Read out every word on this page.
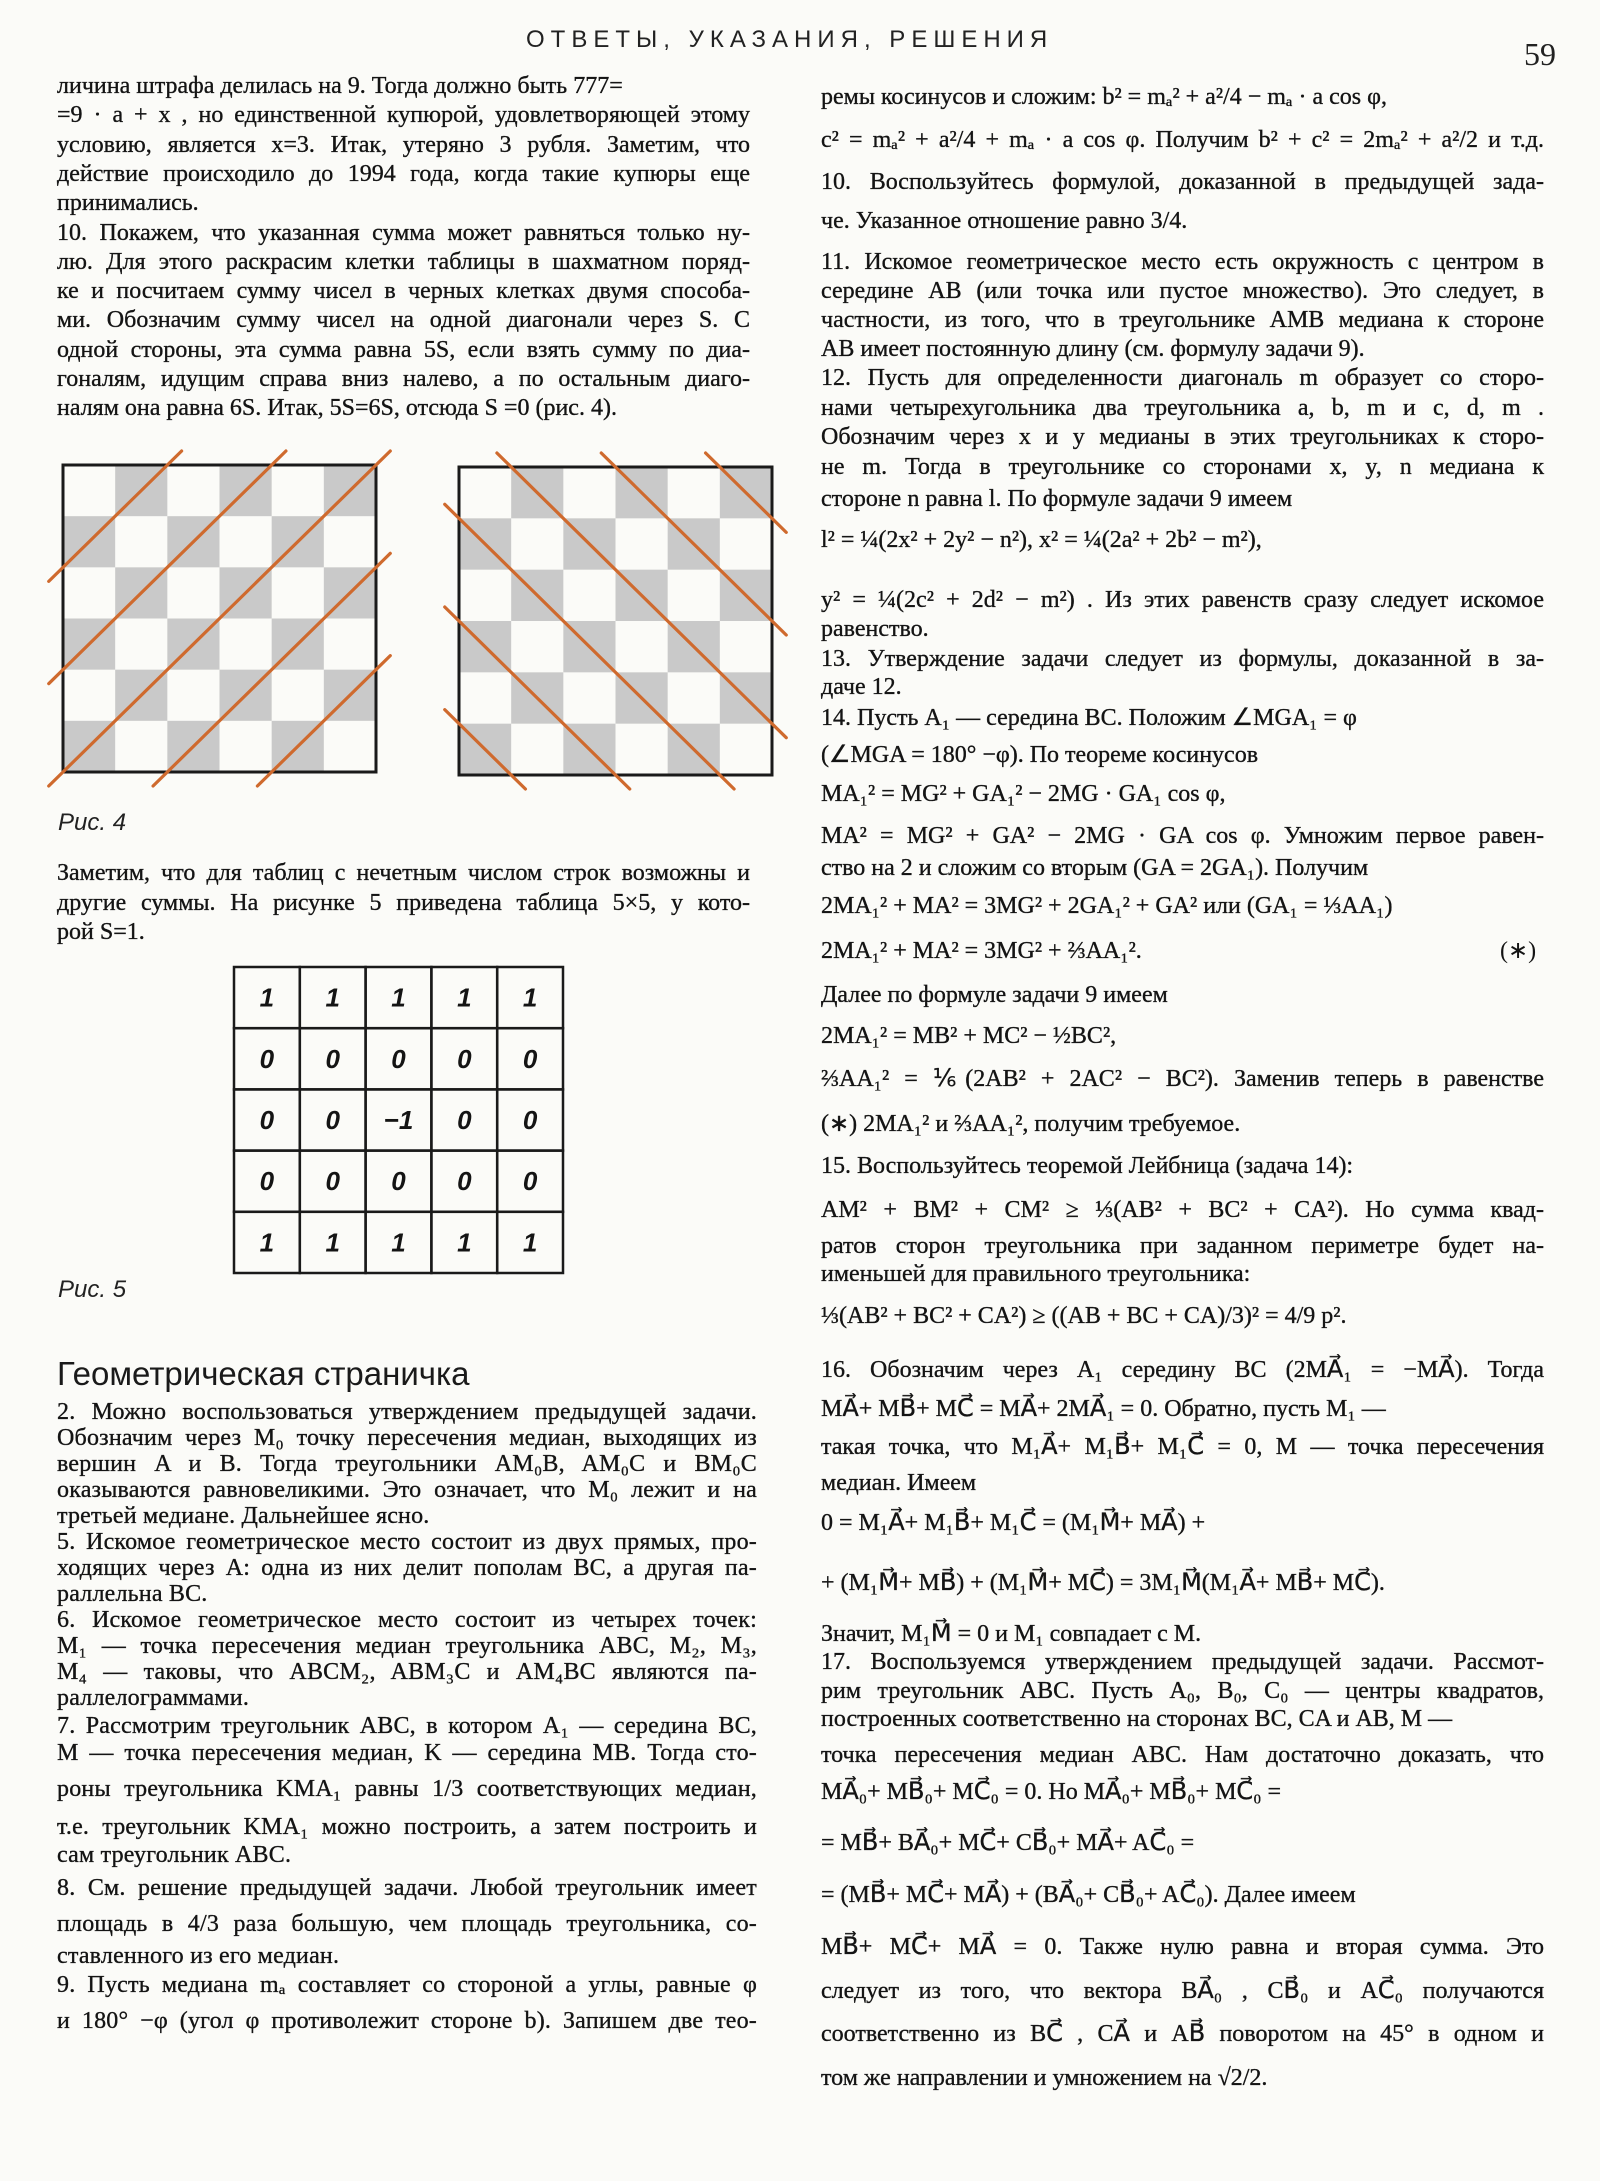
ОТВЕТЫ, УКАЗАНИЯ, РЕШЕНИЯ	59
личина штрафа делилась на 9. Тогда должно быть 777=
=9 · a + x , но единственной купюрой, удовлетворяющей этому
условию, является x=3. Итак, утеряно 3 рубля. Заметим, что
действие происходило до 1994 года, когда такие купюры еще
принимались.
10. Покажем, что указанная сумма может равняться только ну-
лю. Для этого раскрасим клетки таблицы в шахматном поряд-
ке и посчитаем сумму чисел в черных клетках двумя способа-
ми. Обозначим сумму чисел на одной диагонали через S. С
одной стороны, эта сумма равна 5S, если взять сумму по диа-
гоналям, идущим справа вниз налево, а по остальным диаго-
налям она равна 6S. Итак, 5S=6S, отсюда S =0 (рис. 4).
Заметим, что для таблиц с нечетным числом строк возможны и
другие суммы. На рисунке 5 приведена таблица 5×5, у кото-
рой S=1.
2. Можно воспользоваться утверждением предыдущей задачи.
Обозначим через M₀ точку пересечения медиан, выходящих из
вершин A и B. Тогда треугольники AM₀B, AM₀C и BM₀C
оказываются равновеликими. Это означает, что M₀ лежит и на
третьей медиане. Дальнейшее ясно.
5. Искомое геометрическое место состоит из двух прямых, про-
ходящих через A: одна из них делит пополам BC, а другая па-
раллельна BC.
6. Искомое геометрическое место состоит из четырех точек:
M₁ — точка пересечения медиан треугольника ABC, M₂, M₃,
M₄ — таковы, что ABCM₂, ABM₃C и AM₄BC являются па-
раллелограммами.
7. Рассмотрим треугольник ABC, в котором A₁ — середина BC,
M — точка пересечения медиан, K — середина MB. Тогда сто-
роны треугольника KMA₁ равны 1/3 соответствующих медиан,
т.е. треугольник KMA₁ можно построить, а затем построить и
сам треугольник ABC.
8. См. решение предыдущей задачи. Любой треугольник имеет
площадь в 4/3 раза большую, чем площадь треугольника, со-
ставленного из его медиан.
9. Пусть медиана mₐ составляет со стороной a углы, равные φ
и 180° −φ (угол φ противолежит стороне b). Запишем две тео-
ремы косинусов и сложим: b² = mₐ² + a²/4 − mₐ · a cos φ,
c² = mₐ² + a²/4 + mₐ · a cos φ. Получим b² + c² = 2mₐ² + a²/2 и т.д.
10. Воспользуйтесь формулой, доказанной в предыдущей зада-
че. Указанное отношение равно 3/4.
11. Искомое геометрическое место есть окружность с центром в
середине AB (или точка или пустое множество). Это следует, в
частности, из того, что в треугольнике AMB медиана к стороне
AB имеет постоянную длину (см. формулу задачи 9).
12. Пусть для определенности диагональ m образует со сторо-
нами четырехугольника два треугольника a, b, m и c, d, m .
Обозначим через x и y медианы в этих треугольниках к сторо-
не m. Тогда в треугольнике со сторонами x, y, n медиана к
стороне n равна l. По формуле задачи 9 имеем
l² = ¼(2x² + 2y² − n²), x² = ¼(2a² + 2b² − m²),
y² = ¼(2c² + 2d² − m²) . Из этих равенств сразу следует искомое
равенство.
13. Утверждение задачи следует из формулы, доказанной в за-
даче 12.
14. Пусть A₁ — середина BC. Положим ∠MGA₁ = φ
(∠MGA = 180° −φ). По теореме косинусов
MA₁² = MG² + GA₁² − 2MG · GA₁ cos φ,
MA² = MG² + GA² − 2MG · GA cos φ. Умножим первое равен-
ство на 2 и сложим со вторым (GA = 2GA₁). Получим
2MA₁² + MA² = 3MG² + 2GA₁² + GA² или (GA₁ = ⅓AA₁)
2MA₁² + MA² = 3MG² + ⅔AA₁².
Далее по формуле задачи 9 имеем
2MA₁² = MB² + MC² − ½BC²,
⅔AA₁² = ⅙(2AB² + 2AC² − BC²). Заменив теперь в равенстве
(∗) 2MA₁² и ⅔AA₁², получим требуемое.
15. Воспользуйтесь теоремой Лейбница (задача 14):
AM² + BM² + CM² ≥ ⅓(AB² + BC² + CA²). Но сумма квад-
ратов сторон треугольника при заданном периметре будет на-
именьшей для правильного треугольника:
⅓(AB² + BC² + CA²) ≥ ((AB + BC + CA)/3)² = 4/9 p².
16. Обозначим через A₁ середину BC (2MA⃗₁ = −MA⃗). Тогда
MA⃗+ MB⃗+ MC⃗ = MA⃗+ 2MA⃗₁ = 0. Обратно, пусть M₁ —
такая точка, что M₁A⃗+ M₁B⃗+ M₁C⃗ = 0, M — точка пересечения
медиан. Имеем
0 = M₁A⃗+ M₁B⃗+ M₁C⃗ = (M₁M⃗+ MA⃗) +
+ (M₁M⃗+ MB⃗) + (M₁M⃗+ MC⃗) = 3M₁M⃗(M₁A⃗+ MB⃗+ MC⃗).
Значит, M₁M⃗ = 0 и M₁ совпадает с M.
17. Воспользуемся утверждением предыдущей задачи. Рассмот-
рим треугольник ABC. Пусть A₀, B₀, C₀ — центры квадратов,
построенных соответственно на сторонах BC, CA и AB, M —
точка пересечения медиан ABC. Нам достаточно доказать, что
MA⃗₀+ MB⃗₀+ MC⃗₀ = 0. Но MA⃗₀+ MB⃗₀+ MC⃗₀ =
= MB⃗+ BA⃗₀+ MC⃗+ CB⃗₀+ MA⃗+ AC⃗₀ =
= (MB⃗+ MC⃗+ MA⃗) + (BA⃗₀+ CB⃗₀+ AC⃗₀). Далее имеем
MB⃗+ MC⃗+ MA⃗ = 0. Также нулю равна и вторая сумма. Это
следует из того, что вектора BA⃗₀ , CB⃗₀ и AC⃗₀ получаются
соответственно из BC⃗ , CA⃗ и AB⃗ поворотом на 45° в одном и
том же направлении и умножением на √2/2.
1 1 1 1 1
0 0 0 0 0
0 0 −1 0 0
0 0 0 0 0
1 1 1 1 1
Рис. 4
Рис. 5
Геометрическая страничка
(∗)
